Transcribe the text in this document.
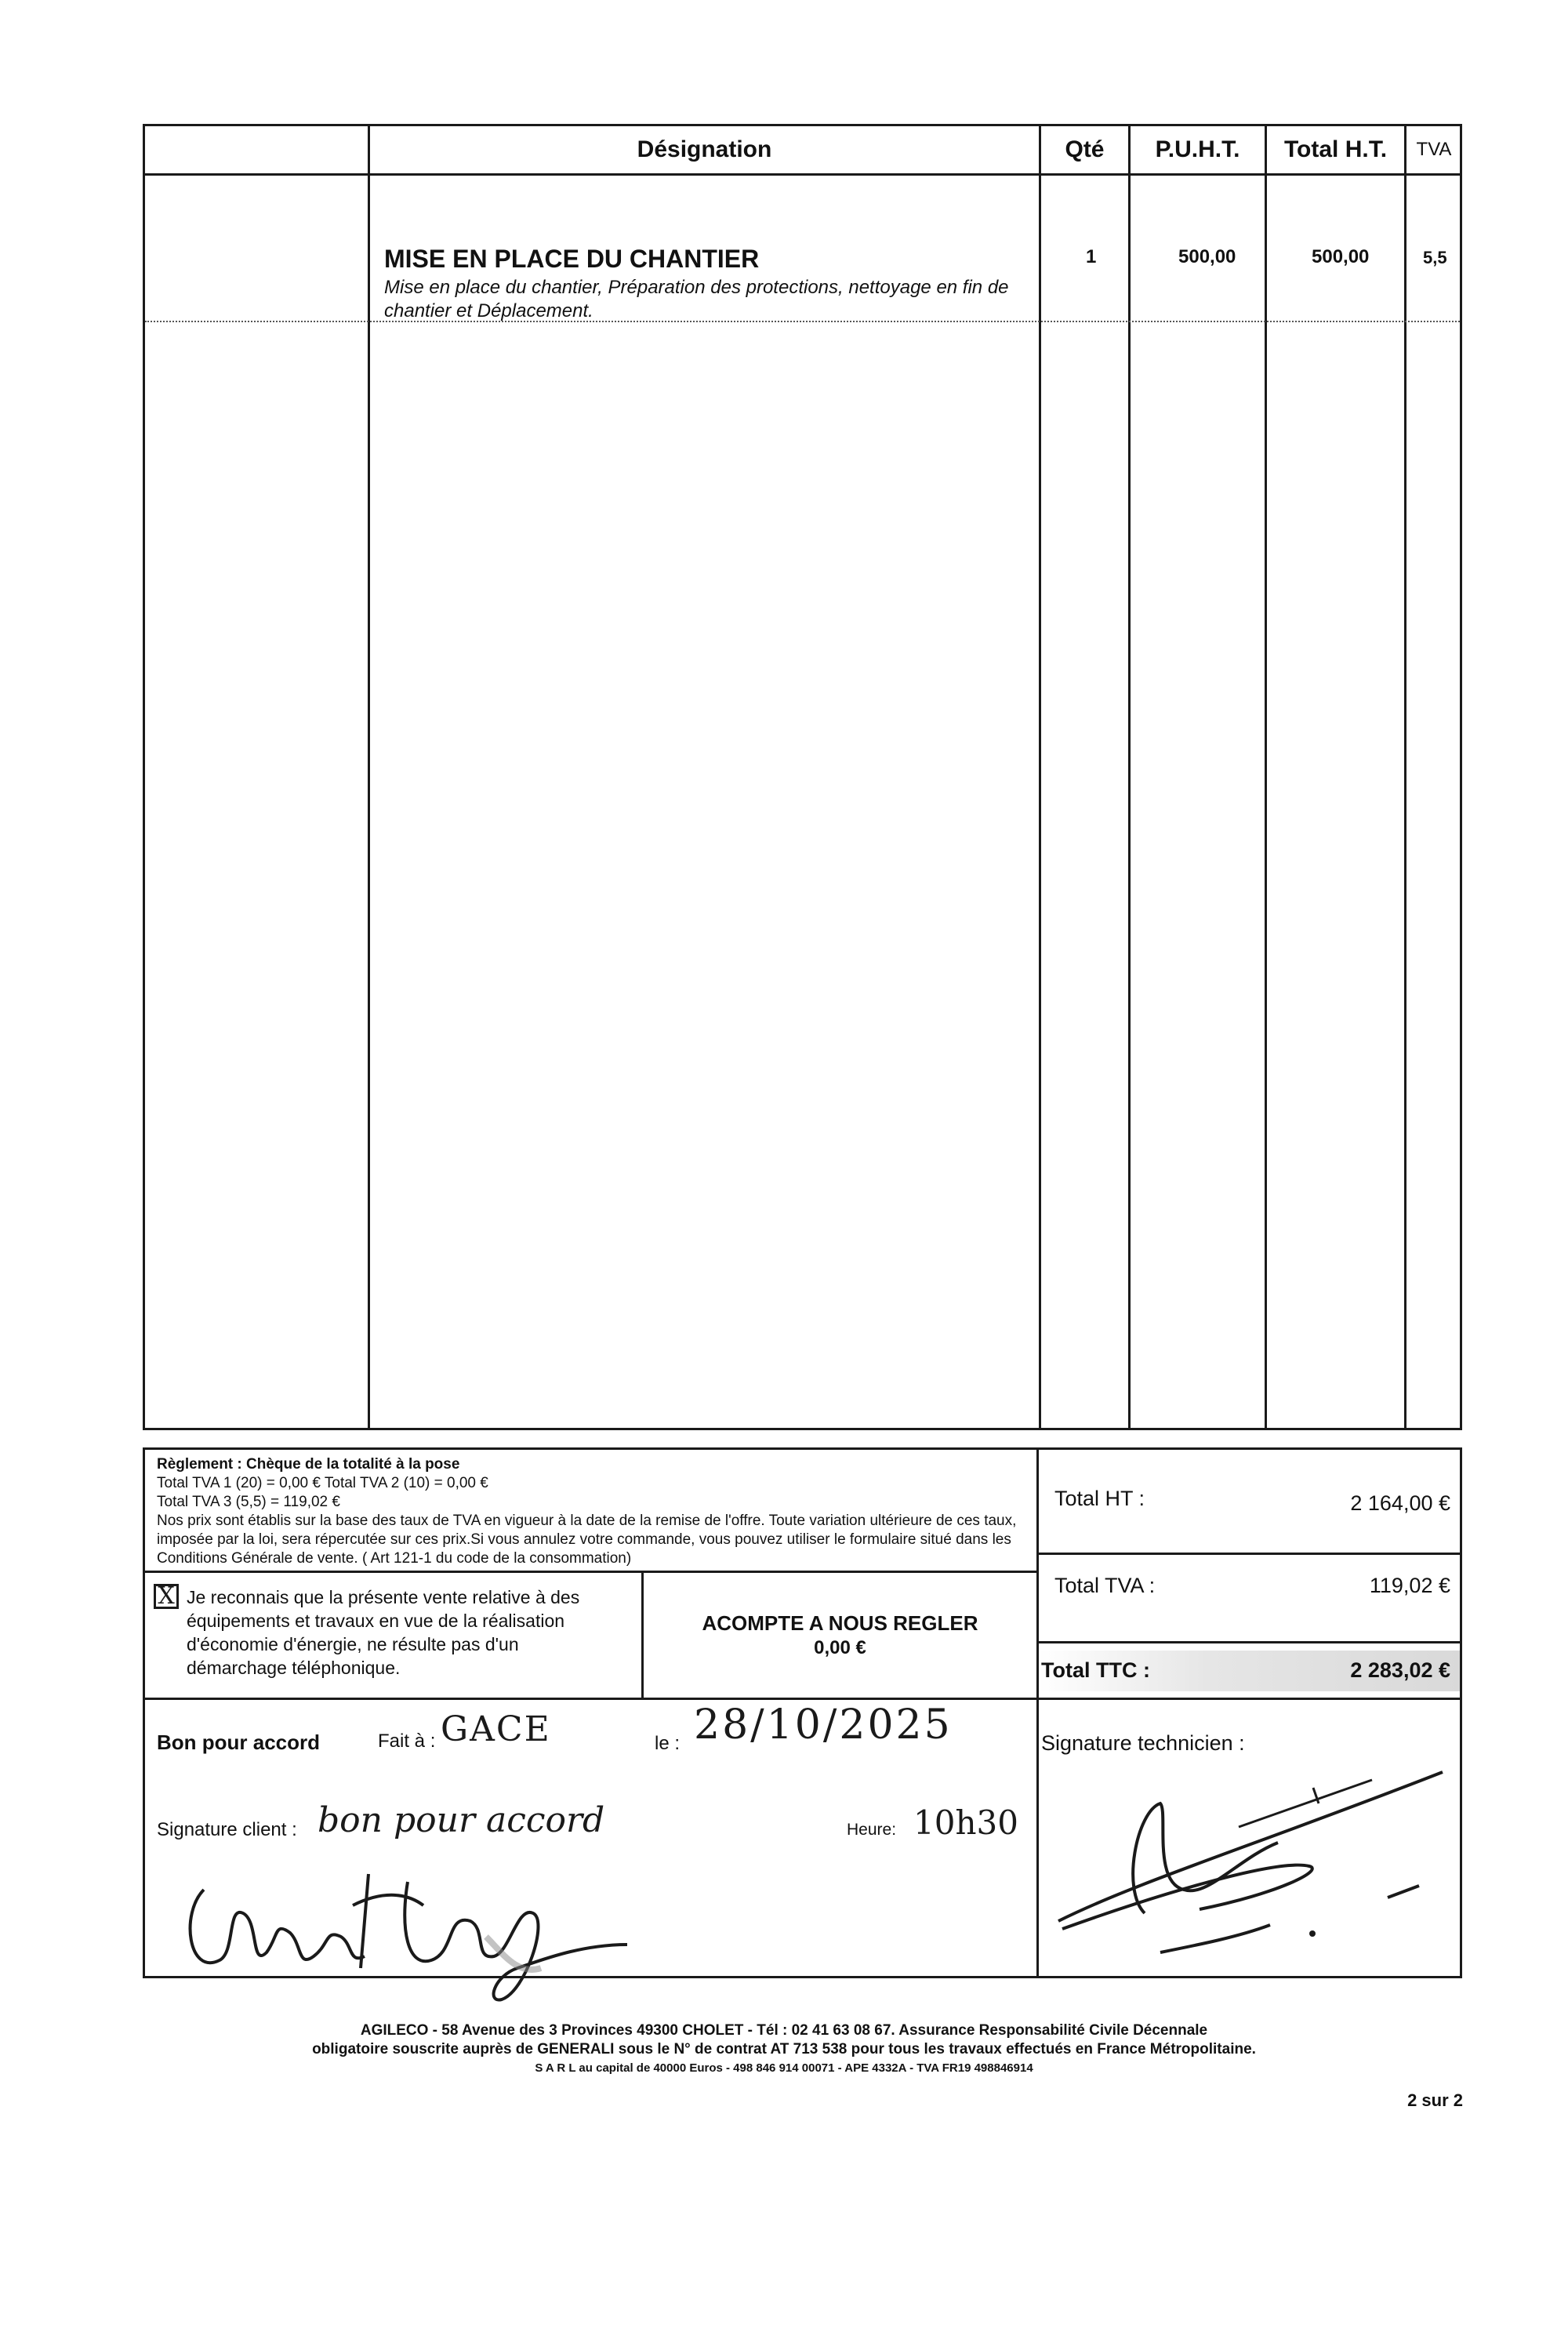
Désignation	Qté	P.U.H.T.	Total H.T.	TVA
MISE EN PLACE DU CHANTIER
Mise en place du chantier, Préparation des protections, nettoyage en fin de chantier et Déplacement.
1	500,00	500,00	5,5
Règlement : Chèque de la totalité à la pose
Total TVA 1 (20) = 0,00 € Total TVA 2 (10) = 0,00 €
Total TVA 3 (5,5) = 119,02 €
Nos prix sont établis sur la base des taux de TVA en vigueur à la date de la remise de l'offre. Toute variation ultérieure de ces taux, imposée par la loi, sera répercutée sur ces prix.Si vous annulez votre commande, vous pouvez utiliser le formulaire situé dans les Conditions Générale de vente. ( Art 121-1 du code de la consommation)
Total HT :	2 164,00 €
Total TVA :	119,02 €
Total TTC :	2 283,02 €
X Je reconnais que la présente vente relative à des équipements et travaux en vue de la réalisation d'économie d'énergie, ne résulte pas d'un démarchage téléphonique.
ACOMPTE A NOUS REGLER
0,00 €
Bon pour accord	Fait à : GACE	le : 28/10/2025
Signature client : bon pour accord	Heure: 10h30
Signature technicien :
AGILECO - 58 Avenue des 3 Provinces 49300 CHOLET - Tél : 02 41 63 08 67. Assurance Responsabilité Civile Décennale
obligatoire souscrite auprès de GENERALI sous le N° de contrat AT 713 538 pour tous les travaux effectués en France Métropolitaine.
S A R L au capital de 40000 Euros - 498 846 914 00071 - APE 4332A - TVA FR19 498846914
2 sur 2
